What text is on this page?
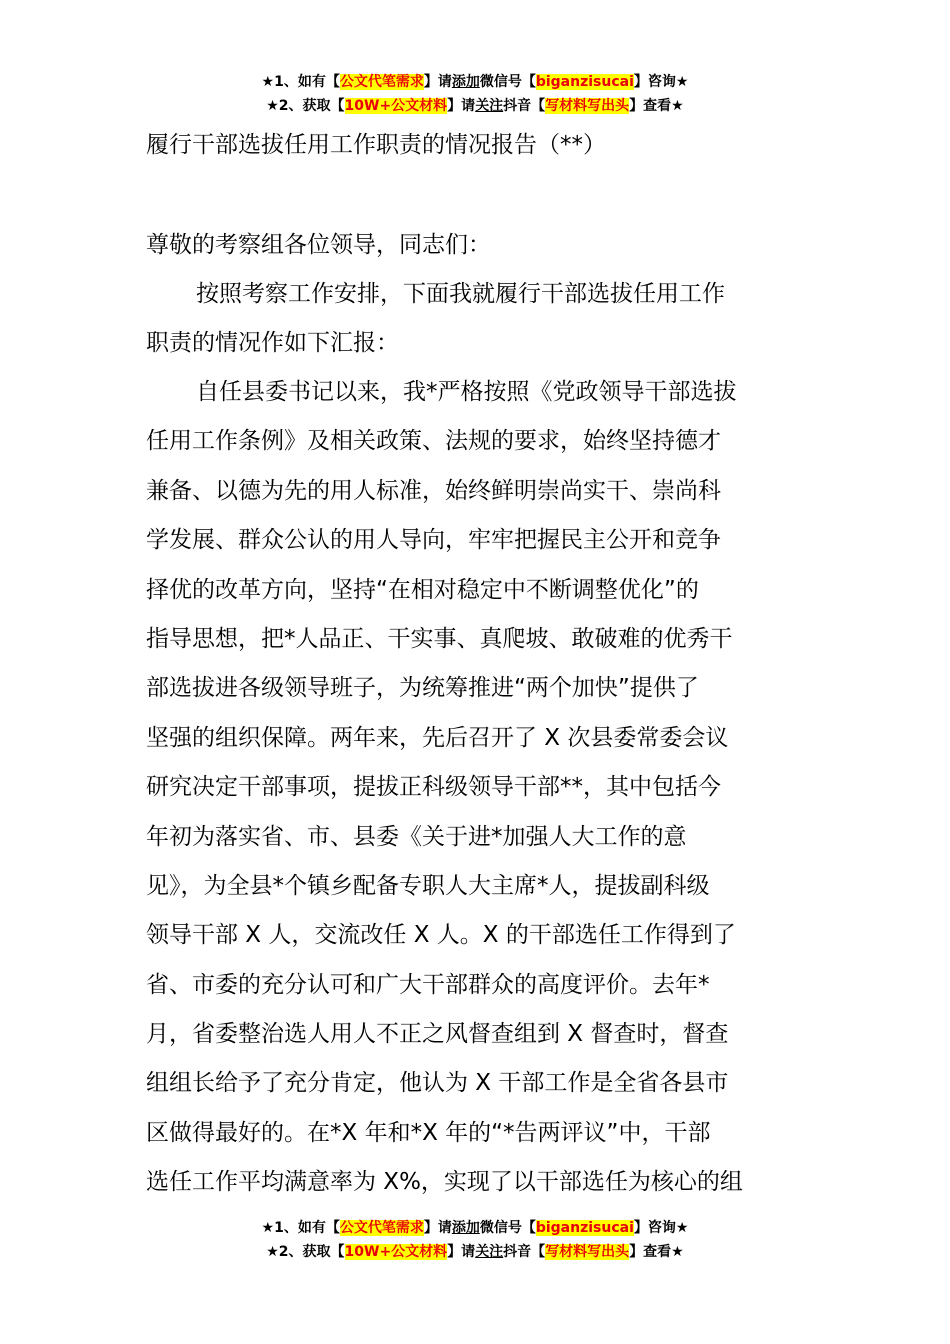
★1、如有【公文代笔需求】请添加微信号【biganzisucai】咨询★
★2、获取【10W+公文材料】请关注抖音【写材料写出头】查看★
履行干部选拔任用工作职责的情况报告（**）
尊敬的考察组各位领导，同志们：
按照考察工作安排，下面我就履行干部选拔任用工作
职责的情况作如下汇报：
自任县委书记以来，我*严格按照《党政领导干部选拔
任用工作条例》及相关政策、法规的要求，始终坚持德才
兼备、以德为先的用人标准，始终鲜明崇尚实干、崇尚科
学发展、群众公认的用人导向，牢牢把握民主公开和竞争
择优的改革方向，坚持“在相对稳定中不断调整优化”的
指导思想，把*人品正、干实事、真爬坡、敢破难的优秀干
部选拔进各级领导班子，为统筹推进“两个加快”提供了
坚强的组织保障。两年来，先后召开了 X 次县委常委会议
研究决定干部事项，提拔正科级领导干部**，其中包括今
年初为落实省、市、县委《关于进*加强人大工作的意
见》，为全县*个镇乡配备专职人大主席*人，提拔副科级
领导干部 X 人，交流改任 X 人。X 的干部选任工作得到了
省、市委的充分认可和广大干部群众的高度评价。去年*
月，省委整治选人用人不正之风督查组到 X 督查时，督查
组组长给予了充分肯定，他认为 X 干部工作是全省各县市
区做得最好的。在*X 年和*X 年的“*告两评议”中，干部
选任工作平均满意率为 X%，实现了以干部选任为核心的组
★1、如有【公文代笔需求】请添加微信号【biganzisucai】咨询★
★2、获取【10W+公文材料】请关注抖音【写材料写出头】查看★
